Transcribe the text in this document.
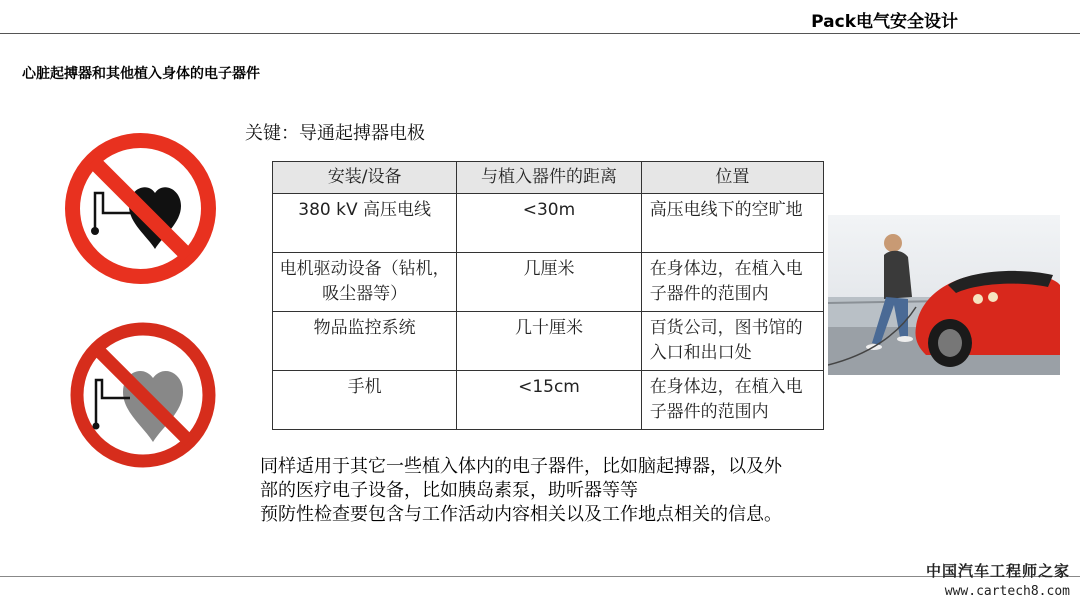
Pack电气安全设计
心脏起搏器和其他植入身体的电子器件
关键：导通起搏器电极
安装/设备	与植入器件的距离	位置
380 kV 高压电线	<30m	高压电线下的空旷地
电机驱动设备（钻机，吸尘器等）	几厘米	在身体边，在植入电子器件的范围内
物品监控系统	几十厘米	百货公司，图书馆的入口和出口处
手机	<15cm	在身体边，在植入电子器件的范围内
同样适用于其它一些植入体内的电子器件，比如脑起搏器，以及外
部的医疗电子设备，比如胰岛素泵，助听器等等
预防性检查要包含与工作活动内容相关以及工作地点相关的信息。
中国汽车工程师之家
www.cartech8.com
